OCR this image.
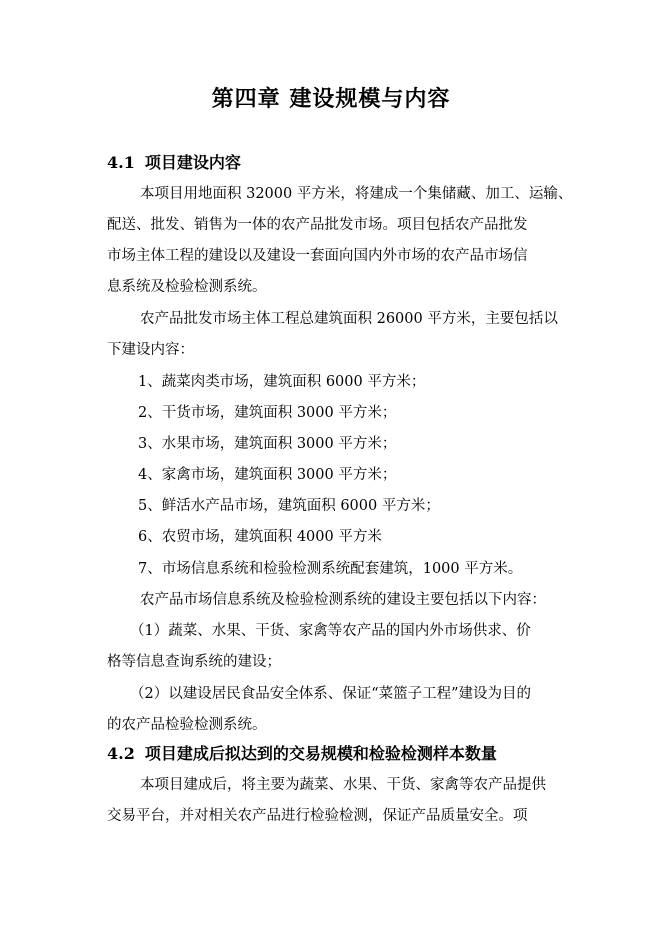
第四章 建设规模与内容
4.1 项目建设内容
本项目用地面积 32000 平方米，将建成一个集储藏、加工、运输、
配送、批发、销售为一体的农产品批发市场。项目包括农产品批发
市场主体工程的建设以及建设一套面向国内外市场的农产品市场信
息系统及检验检测系统。
农产品批发市场主体工程总建筑面积 26000 平方米，主要包括以
下建设内容：
1、蔬菜肉类市场，建筑面积 6000 平方米；
2、干货市场，建筑面积 3000 平方米；
3、水果市场，建筑面积 3000 平方米；
4、家禽市场，建筑面积 3000 平方米；
5、鲜活水产品市场，建筑面积 6000 平方米；
6、农贸市场，建筑面积 4000 平方米
7、市场信息系统和检验检测系统配套建筑，1000 平方米。
农产品市场信息系统及检验检测系统的建设主要包括以下内容：
（1）蔬菜、水果、干货、家禽等农产品的国内外市场供求、价
格等信息查询系统的建设；
（2）以建设居民食品安全体系、保证“菜篮子工程”建设为目的
的农产品检验检测系统。
4.2 项目建成后拟达到的交易规模和检验检测样本数量
本项目建成后，将主要为蔬菜、水果、干货、家禽等农产品提供
交易平台，并对相关农产品进行检验检测，保证产品质量安全。项
